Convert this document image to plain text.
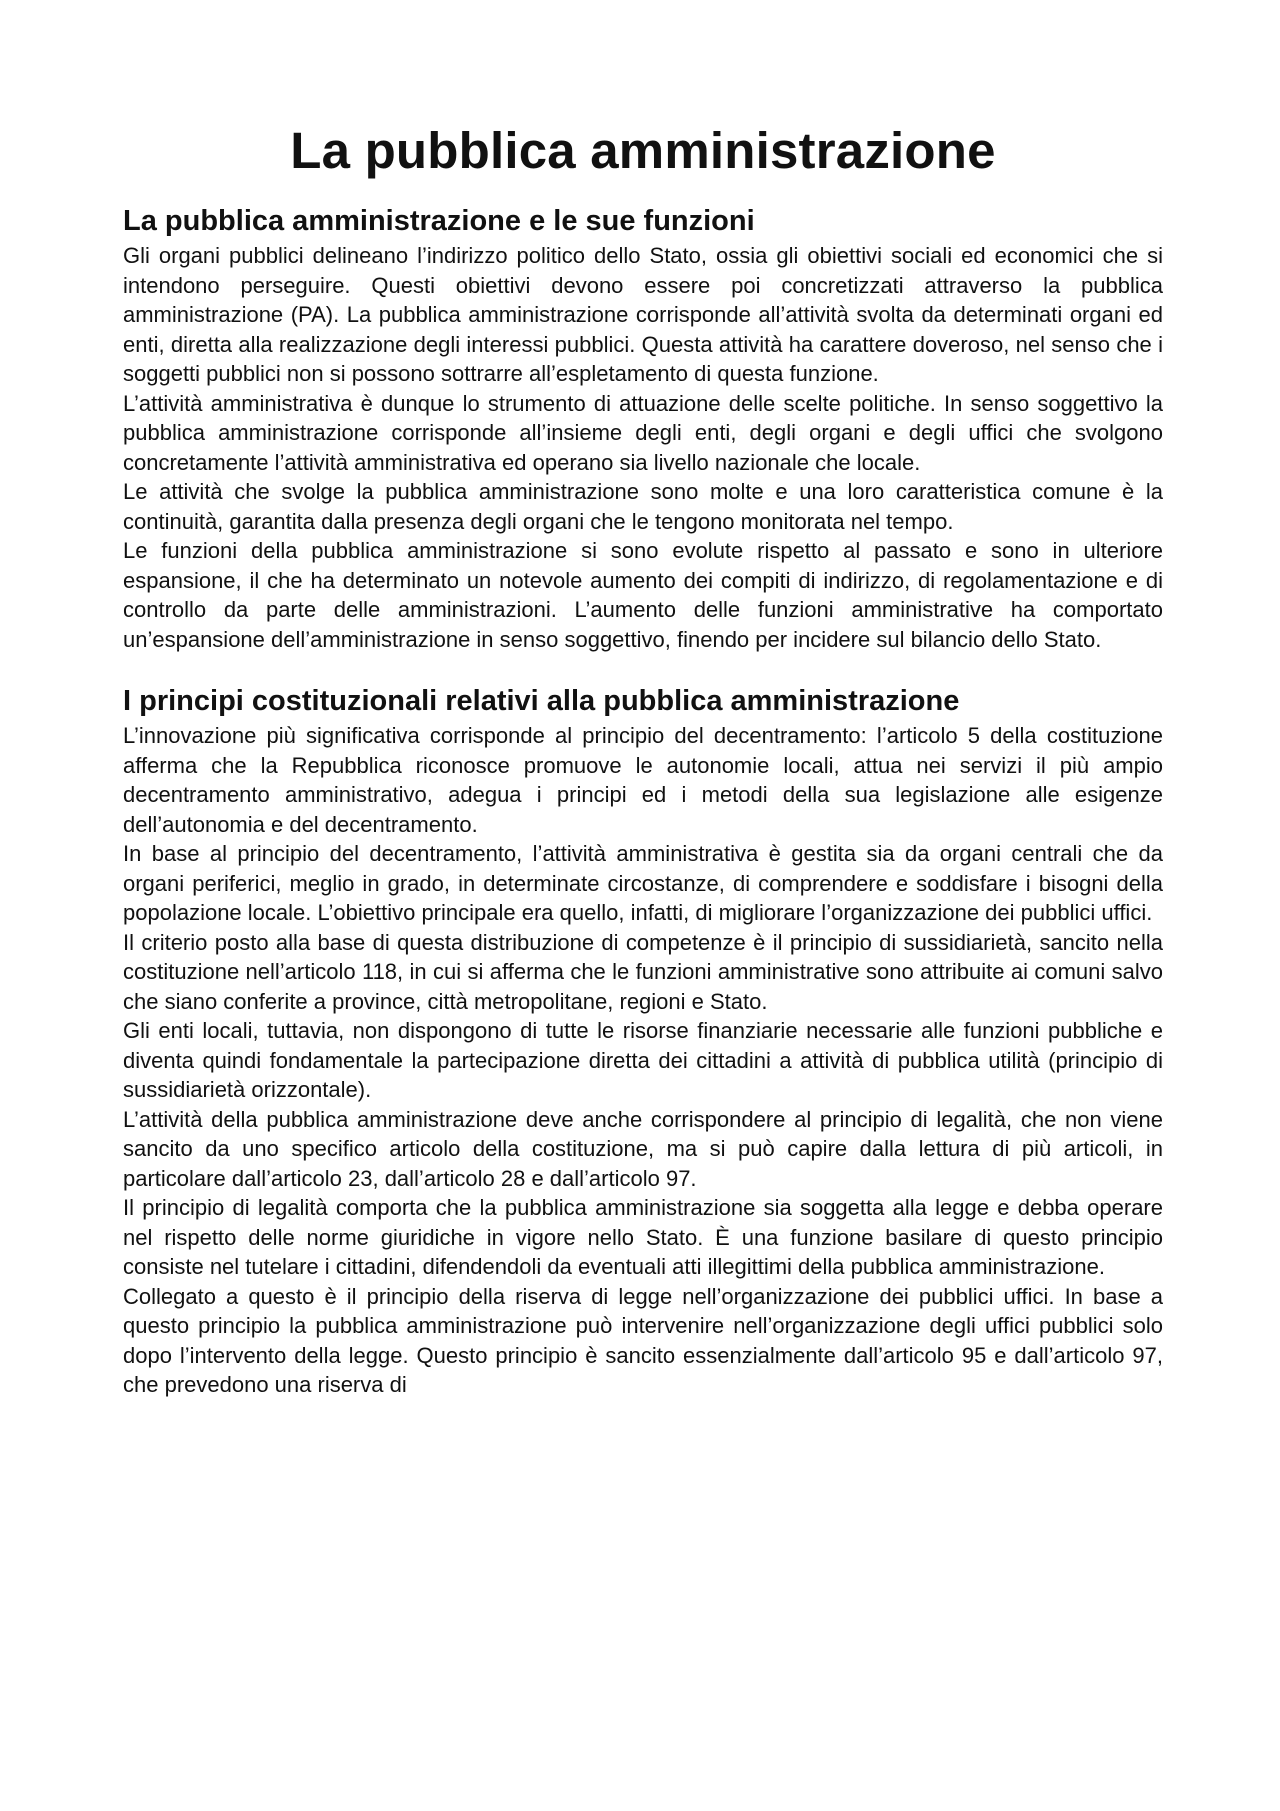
La pubblica amministrazione
La pubblica amministrazione e le sue funzioni

Gli organi pubblici delineano l’indirizzo politico dello Stato, ossia gli obiettivi sociali ed economici che si intendono perseguire. Questi obiettivi devono essere poi concretizzati attraverso la pubblica amministrazione (PA). La pubblica amministrazione corrisponde all’attività svolta da determinati organi ed enti, diretta alla realizzazione degli interessi pubblici. Questa attività ha carattere doveroso, nel senso che i soggetti pubblici non si possono sottrarre all’espletamento di questa funzione.

L’attività amministrativa è dunque lo strumento di attuazione delle scelte politiche. In senso soggettivo la pubblica amministrazione corrisponde all’insieme degli enti, degli organi e degli uffici che svolgono concretamente l’attività amministrativa ed operano sia livello nazionale che locale.

Le attività che svolge la pubblica amministrazione sono molte e una loro caratteristica comune è la continuità, garantita dalla presenza degli organi che le tengono monitorata nel tempo.

Le funzioni della pubblica amministrazione si sono evolute rispetto al passato e sono in ulteriore espansione, il che ha determinato un notevole aumento dei compiti di indirizzo, di regolamentazione e di controllo da parte delle amministrazioni. L’aumento delle funzioni amministrative ha comportato un’espansione dell’amministrazione in senso soggettivo, finendo per incidere sul bilancio dello Stato.

I principi costituzionali relativi alla pubblica amministrazione

L’innovazione più significativa corrisponde al principio del decentramento: l’articolo 5 della costituzione afferma che la Repubblica riconosce promuove le autonomie locali, attua nei servizi il più ampio decentramento amministrativo, adegua i principi ed i metodi della sua legislazione alle esigenze dell’autonomia e del decentramento.

In base al principio del decentramento, l’attività amministrativa è gestita sia da organi centrali che da organi periferici, meglio in grado, in determinate circostanze, di comprendere e soddisfare i bisogni della popolazione locale. L’obiettivo principale era quello, infatti, di migliorare l’organizzazione dei pubblici uffici.

Il criterio posto alla base di questa distribuzione di competenze è il principio di sussidiarietà, sancito nella costituzione nell’articolo 118, in cui si afferma che le funzioni amministrative sono attribuite ai comuni salvo che siano conferite a province, città metropolitane, regioni e Stato.

Gli enti locali, tuttavia, non dispongono di tutte le risorse finanziarie necessarie alle funzioni pubbliche e diventa quindi fondamentale la partecipazione diretta dei cittadini a attività di pubblica utilità (principio di sussidiarietà orizzontale).

L’attività della pubblica amministrazione deve anche corrispondere al principio di legalità, che non viene sancito da uno specifico articolo della costituzione, ma si può capire dalla lettura di più articoli, in particolare dall’articolo 23, dall’articolo 28 e dall’articolo 97.

Il principio di legalità comporta che la pubblica amministrazione sia soggetta alla legge e debba operare nel rispetto delle norme giuridiche in vigore nello Stato. È una funzione basilare di questo principio consiste nel tutelare i cittadini, difendendoli da eventuali atti illegittimi della pubblica amministrazione.

Collegato a questo è il principio della riserva di legge nell’organizzazione dei pubblici uffici. In base a questo principio la pubblica amministrazione può intervenire nell’organizzazione degli uffici pubblici solo dopo l’intervento della legge. Questo principio è sancito essenzialmente dall’articolo 95 e dall’articolo 97, che prevedono una riserva di
